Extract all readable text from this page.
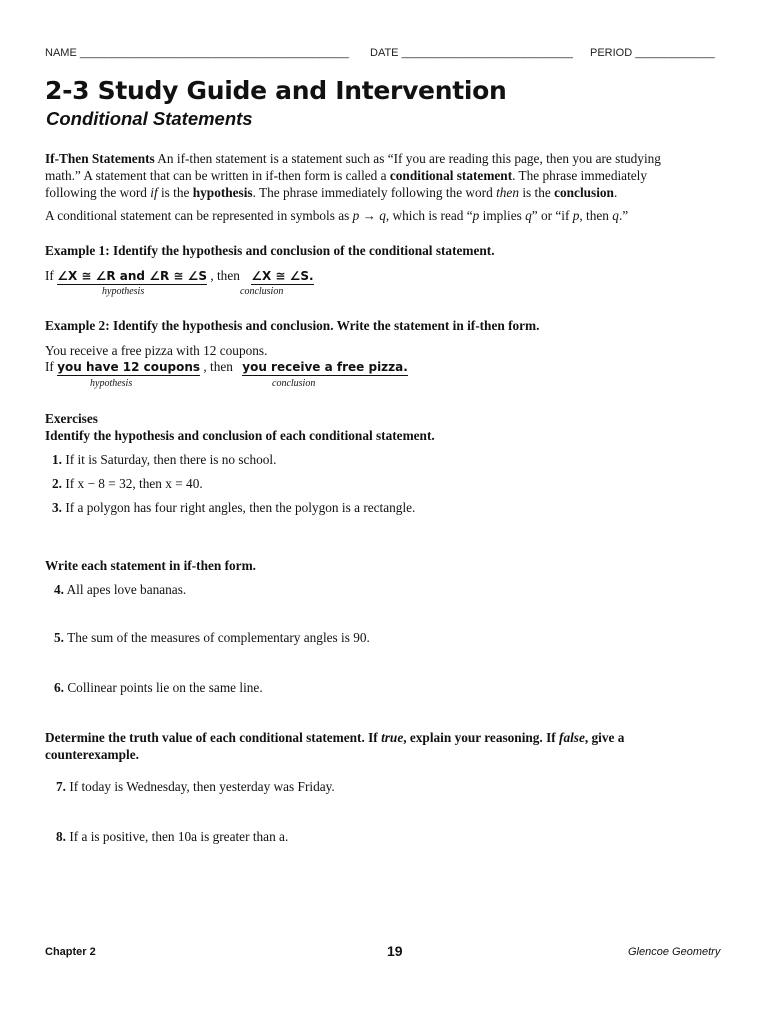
NAME ____________________________________________ DATE ____________________________ PERIOD _____________
2-3 Study Guide and Intervention
Conditional Statements
If-Then Statements An if-then statement is a statement such as “If you are reading this page, then you are studying
math.” A statement that can be written in if-then form is called a conditional statement. The phrase immediately
following the word if is the hypothesis. The phrase immediately following the word then is the conclusion.
A conditional statement can be represented in symbols as p → q, which is read “p implies q” or “if p, then q.”
Example 1: Identify the hypothesis and conclusion of the conditional statement.
If ∠X ≅ ∠R and ∠R ≅ ∠S , then ∠X ≅ ∠S.
hypothesis	conclusion
Example 2: Identify the hypothesis and conclusion. Write the statement in if-then form.
You receive a free pizza with 12 coupons.
If you have 12 coupons , then you receive a free pizza.
hypothesis	conclusion
Exercises
Identify the hypothesis and conclusion of each conditional statement.
1. If it is Saturday, then there is no school.
2. If x − 8 = 32, then x = 40.
3. If a polygon has four right angles, then the polygon is a rectangle.
Write each statement in if-then form.
4. All apes love bananas.
5. The sum of the measures of complementary angles is 90.
6. Collinear points lie on the same line.
Determine the truth value of each conditional statement. If true, explain your reasoning. If false, give a
counterexample.
7. If today is Wednesday, then yesterday was Friday.
8. If a is positive, then 10a is greater than a.
Chapter 2	19	Glencoe Geometry
